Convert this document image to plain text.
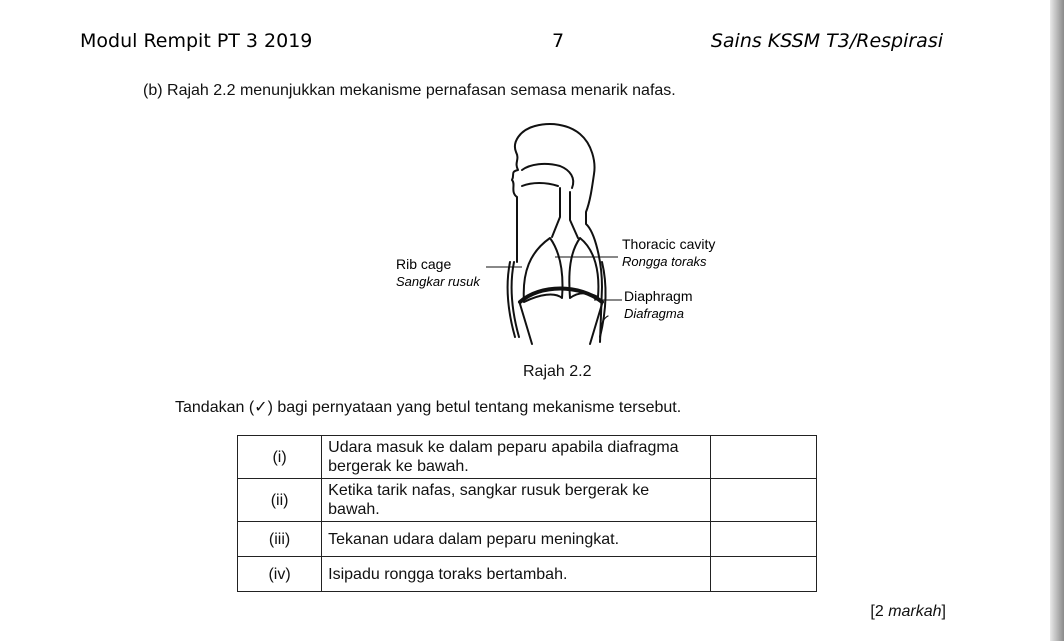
Modul Rempit PT 3 2019	7	Sains KSSM T3/Respirasi
(b) Rajah 2.2 menunjukkan mekanisme pernafasan semasa menarik nafas.
Rib cage
Sangkar rusuk
Thoracic cavity
Rongga toraks
Diaphragm
Diafragma
Rajah 2.2
Tandakan (✓) bagi pernyataan yang betul tentang mekanisme tersebut.
(i)	Udara masuk ke dalam peparu apabila diafragma bergerak ke bawah.	
(ii)	Ketika tarik nafas, sangkar rusuk bergerak ke bawah.	
(iii)	Tekanan udara dalam peparu meningkat.	
(iv)	Isipadu rongga toraks bertambah.	
[2 markah]
